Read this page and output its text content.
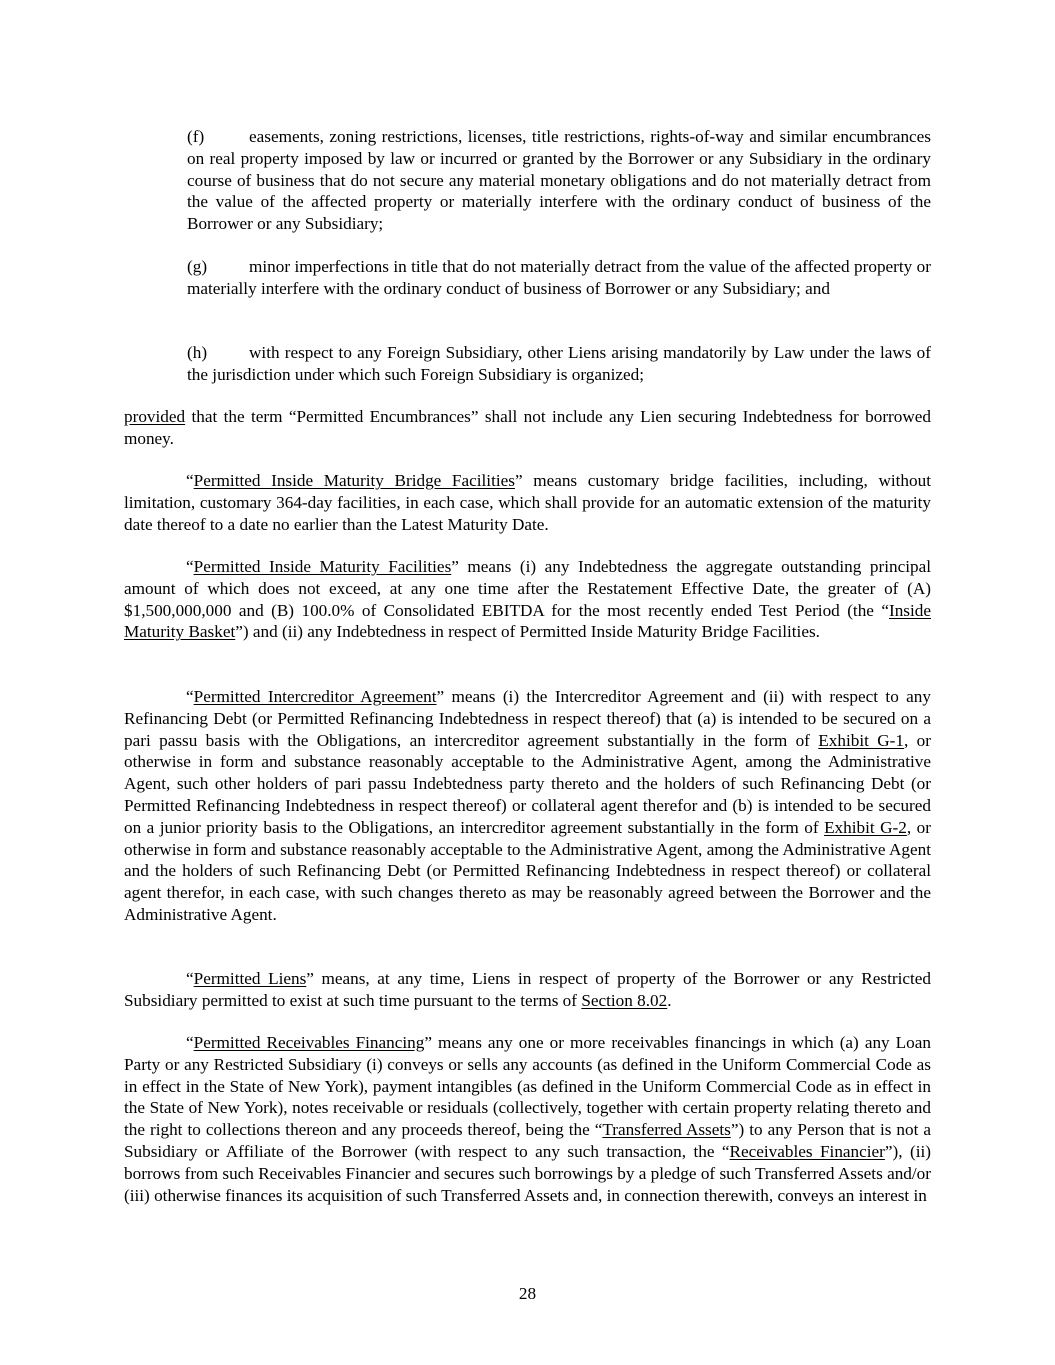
(f)	easements, zoning restrictions, licenses, title restrictions, rights-of-way and similar encumbrances on real property imposed by law or incurred or granted by the Borrower or any Subsidiary in the ordinary course of business that do not secure any material monetary obligations and do not materially detract from the value of the affected property or materially interfere with the ordinary conduct of business of the Borrower or any Subsidiary;

(g) minor imperfections in title that do not materially detract from the value of the affected property or materially interfere with the ordinary conduct of business of Borrower or any Subsidiary; and

(h) with respect to any Foreign Subsidiary, other Liens arising mandatorily by Law under the laws of the jurisdiction under which such Foreign Subsidiary is organized;

provided that the term “Permitted Encumbrances” shall not include any Lien securing Indebtedness for borrowed money.

“Permitted Inside Maturity Bridge Facilities” means customary bridge facilities, including, without limitation, customary 364-day facilities, in each case, which shall provide for an automatic extension of the maturity date thereof to a date no earlier than the Latest Maturity Date.

“Permitted Inside Maturity Facilities” means (i) any Indebtedness the aggregate outstanding principal amount of which does not exceed, at any one time after the Restatement Effective Date, the greater of (A) $1,500,000,000 and (B) 100.0% of Consolidated EBITDA for the most recently ended Test Period (the “Inside Maturity Basket”) and (ii) any Indebtedness in respect of Permitted Inside Maturity Bridge Facilities.

“Permitted Intercreditor Agreement” means (i) the Intercreditor Agreement and (ii) with respect to any Refinancing Debt (or Permitted Refinancing Indebtedness in respect thereof) that (a) is intended to be secured on a pari passu basis with the Obligations, an intercreditor agreement substantially in the form of Exhibit G-1, or otherwise in form and substance reasonably acceptable to the Administrative Agent, among the Administrative Agent, such other holders of pari passu Indebtedness party thereto and the holders of such Refinancing Debt (or Permitted Refinancing Indebtedness in respect thereof) or collateral agent therefor and (b) is intended to be secured on a junior priority basis to the Obligations, an intercreditor agreement substantially in the form of Exhibit G-2, or otherwise in form and substance reasonably acceptable to the Administrative Agent, among the Administrative Agent and the holders of such Refinancing Debt (or Permitted Refinancing Indebtedness in respect thereof) or collateral agent therefor, in each case, with such changes thereto as may be reasonably agreed between the Borrower and the Administrative Agent.

“Permitted Liens” means, at any time, Liens in respect of property of the Borrower or any Restricted Subsidiary permitted to exist at such time pursuant to the terms of Section 8.02.

“Permitted Receivables Financing” means any one or more receivables financings in which (a) any Loan Party or any Restricted Subsidiary (i) conveys or sells any accounts (as defined in the Uniform Commercial Code as in effect in the State of New York), payment intangibles (as defined in the Uniform Commercial Code as in effect in the State of New York), notes receivable or residuals (collectively, together with certain property relating thereto and the right to collections thereon and any proceeds thereof, being the “Transferred Assets”) to any Person that is not a Subsidiary or Affiliate of the Borrower (with respect to any such transaction, the “Receivables Financier”), (ii) borrows from such Receivables Financier and secures such borrowings by a pledge of such Transferred Assets and/or (iii) otherwise finances its acquisition of such Transferred Assets and, in connection therewith, conveys an interest in

28
